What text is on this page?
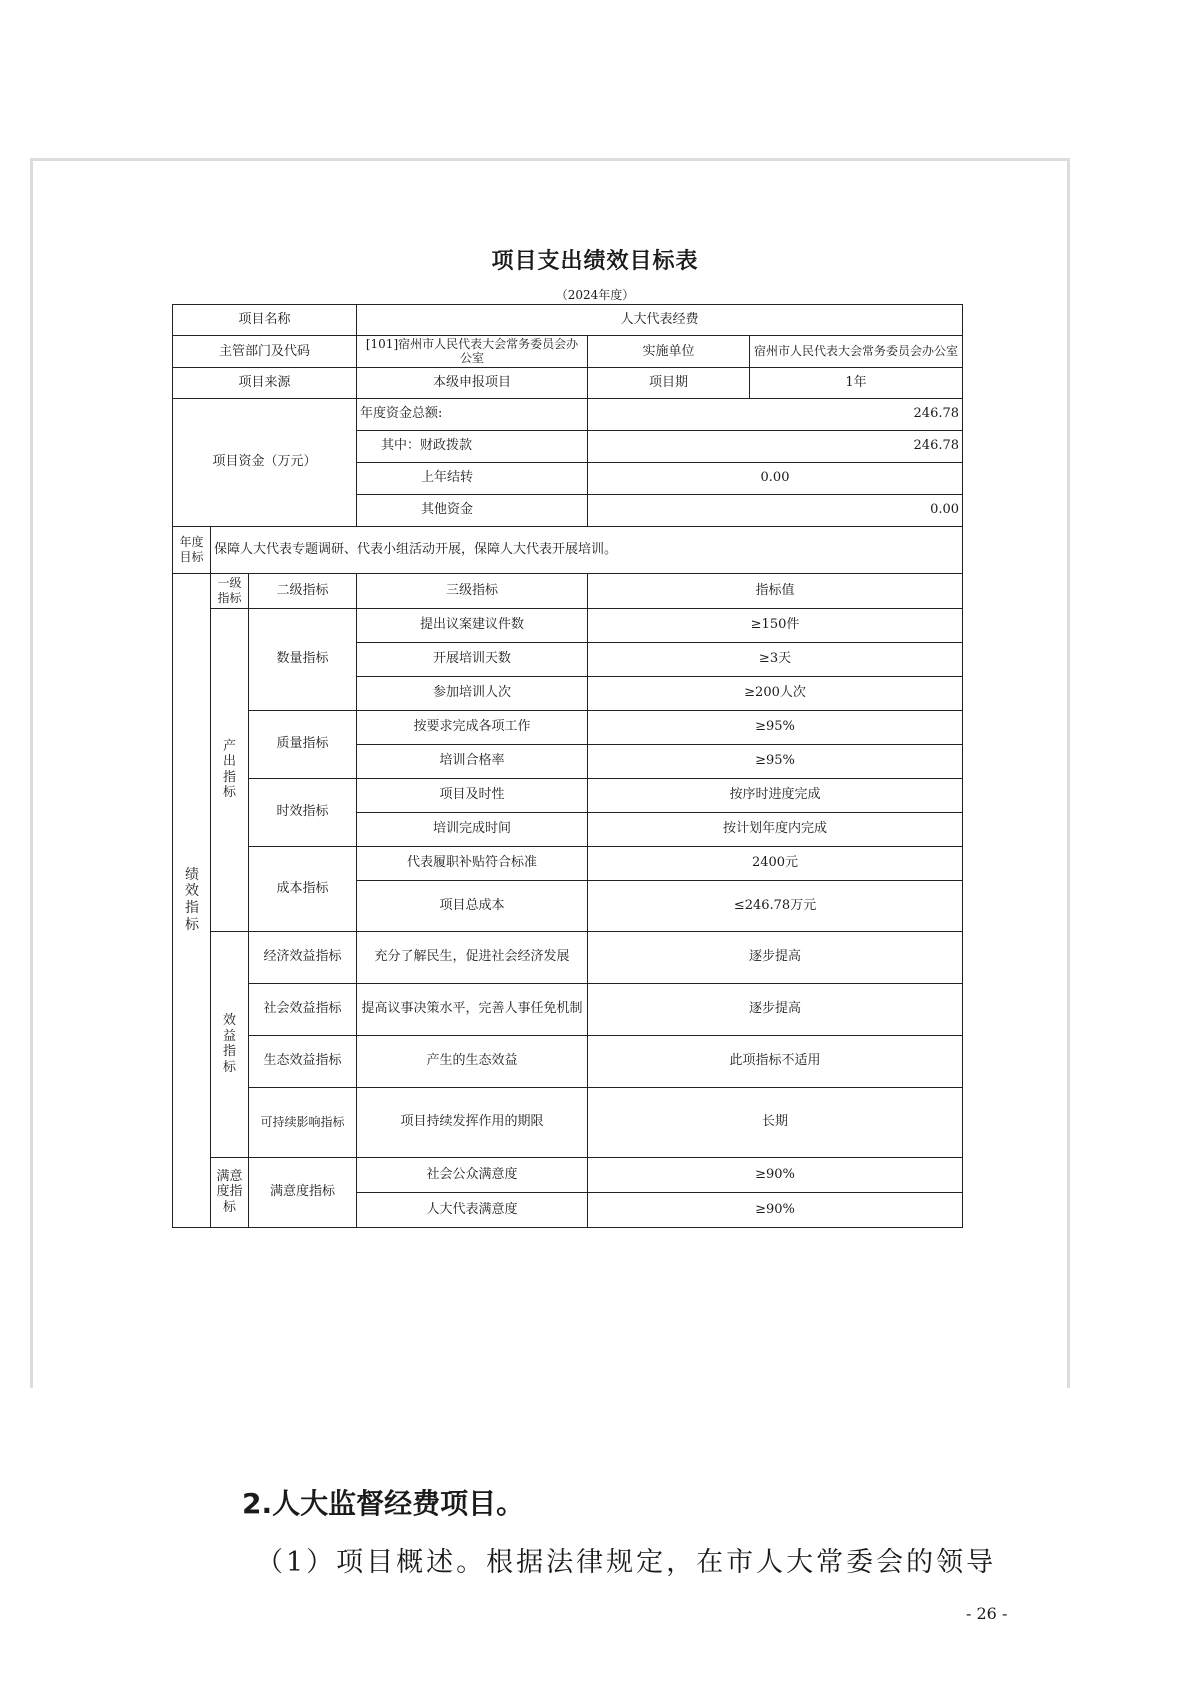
项目支出绩效目标表
（2024年度）
项目名称			人大代表经费		
主管部门及代码			[101]宿州市人民代表大会常务委员会办公室	实施单位	宿州市人民代表大会常务委员会办公室
项目来源			本级申报项目	项目期	1年
项目资金（万元）			年度资金总额:	246.78	
			其中：财政拨款	246.78	
			上年结转	0.00	
			其他资金	0.00	
年度目标	保障人大代表专题调研、代表小组活动开展，保障人大代表开展培训。				
绩效指标	一级指标	二级指标	三级指标	指标值	
	产出指标	数量指标	提出议案建议件数	≥150件	
			开展培训天数	≥3天	
			参加培训人次	≥200人次	
		质量指标	按要求完成各项工作	≥95%	
			培训合格率	≥95%	
		时效指标	项目及时性	按序时进度完成	
			培训完成时间	按计划年度内完成	
		成本指标	代表履职补贴符合标准	2400元	
			项目总成本	≤246.78万元	
	效益指标	经济效益指标	充分了解民生，促进社会经济发展	逐步提高	
		社会效益指标	提高议事决策水平，完善人事任免机制	逐步提高	
		生态效益指标	产生的生态效益	此项指标不适用	
		可持续影响指标	项目持续发挥作用的期限	长期	
	满意度指标	满意度指标	社会公众满意度	≥90%	
			人大代表满意度	≥90%	
2.人大监督经费项目。
（1）项目概述。根据法律规定，在市人大常委会的领导
- 26 -
